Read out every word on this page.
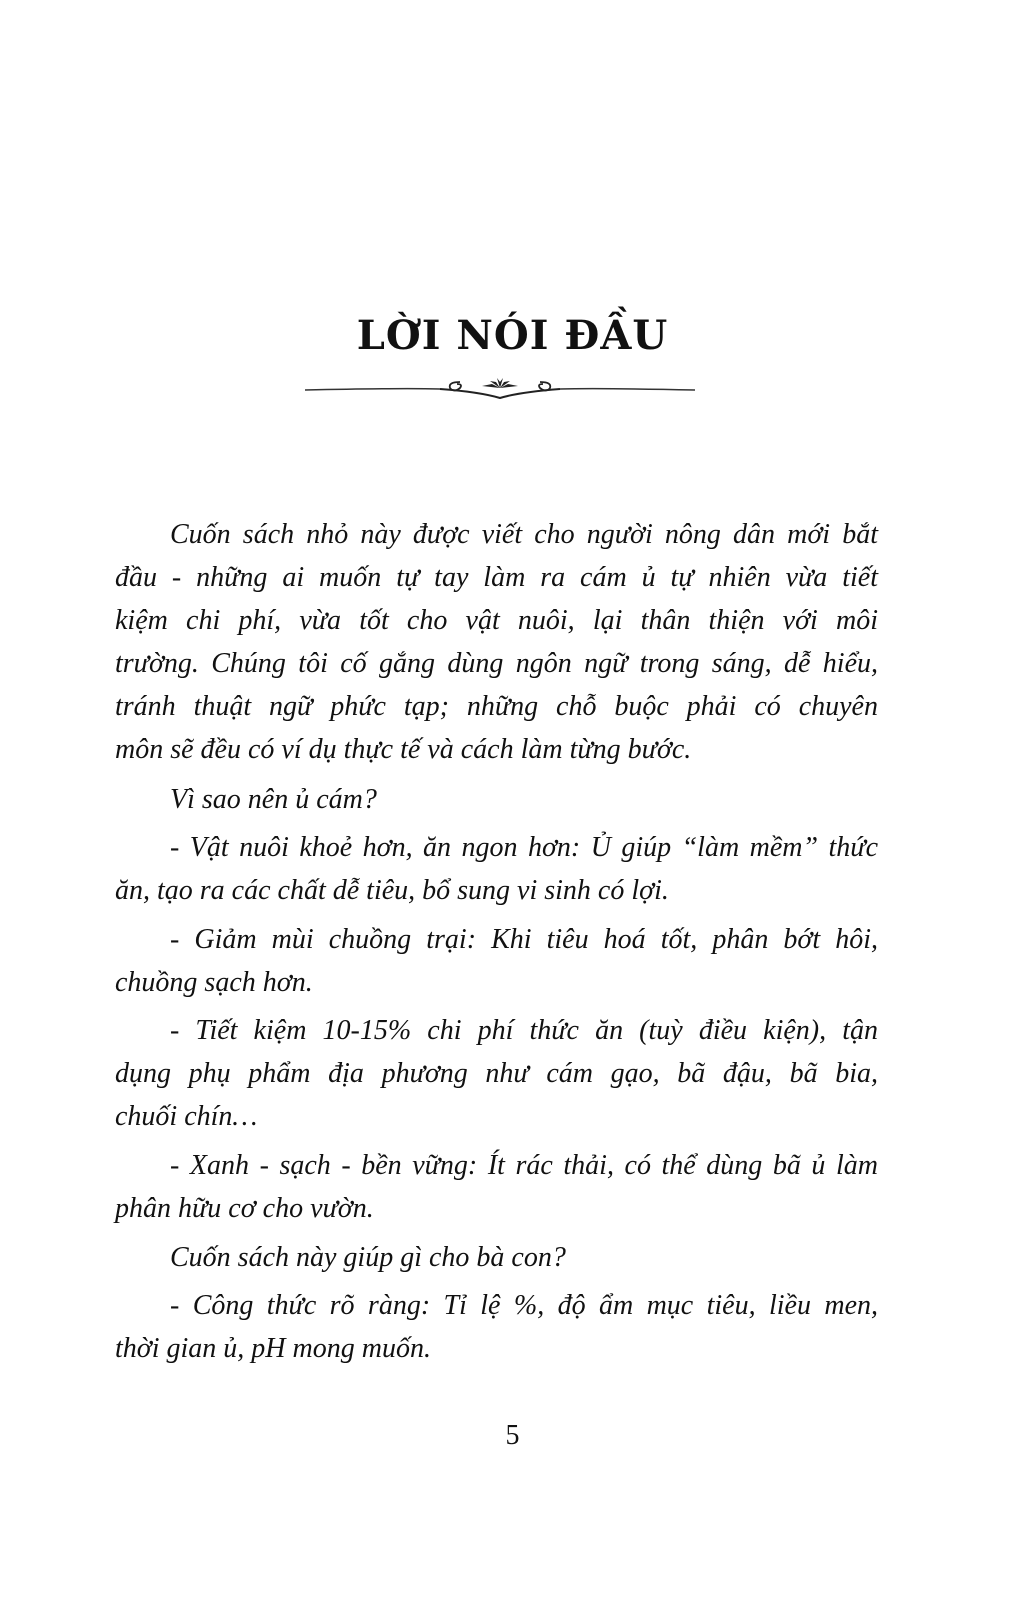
LỜI NÓI ĐẦU
Cuốn sách nhỏ này được viết cho người nông dân mới bắt
đầu - những ai muốn tự tay làm ra cám ủ tự nhiên vừa tiết
kiệm chi phí, vừa tốt cho vật nuôi, lại thân thiện với môi
trường. Chúng tôi cố gắng dùng ngôn ngữ trong sáng, dễ hiểu,
tránh thuật ngữ phức tạp; những chỗ buộc phải có chuyên
môn sẽ đều có ví dụ thực tế và cách làm từng bước.
Vì sao nên ủ cám?
- Vật nuôi khoẻ hơn, ăn ngon hơn: Ủ giúp “làm mềm” thức
ăn, tạo ra các chất dễ tiêu, bổ sung vi sinh có lợi.
- Giảm mùi chuồng trại: Khi tiêu hoá tốt, phân bớt hôi,
chuồng sạch hơn.
- Tiết kiệm 10-15% chi phí thức ăn (tuỳ điều kiện), tận
dụng phụ phẩm địa phương như cám gạo, bã đậu, bã bia,
chuối chín…
- Xanh - sạch - bền vững: Ít rác thải, có thể dùng bã ủ làm
phân hữu cơ cho vườn.
Cuốn sách này giúp gì cho bà con?
- Công thức rõ ràng: Tỉ lệ %, độ ẩm mục tiêu, liều men,
thời gian ủ, pH mong muốn.
5
